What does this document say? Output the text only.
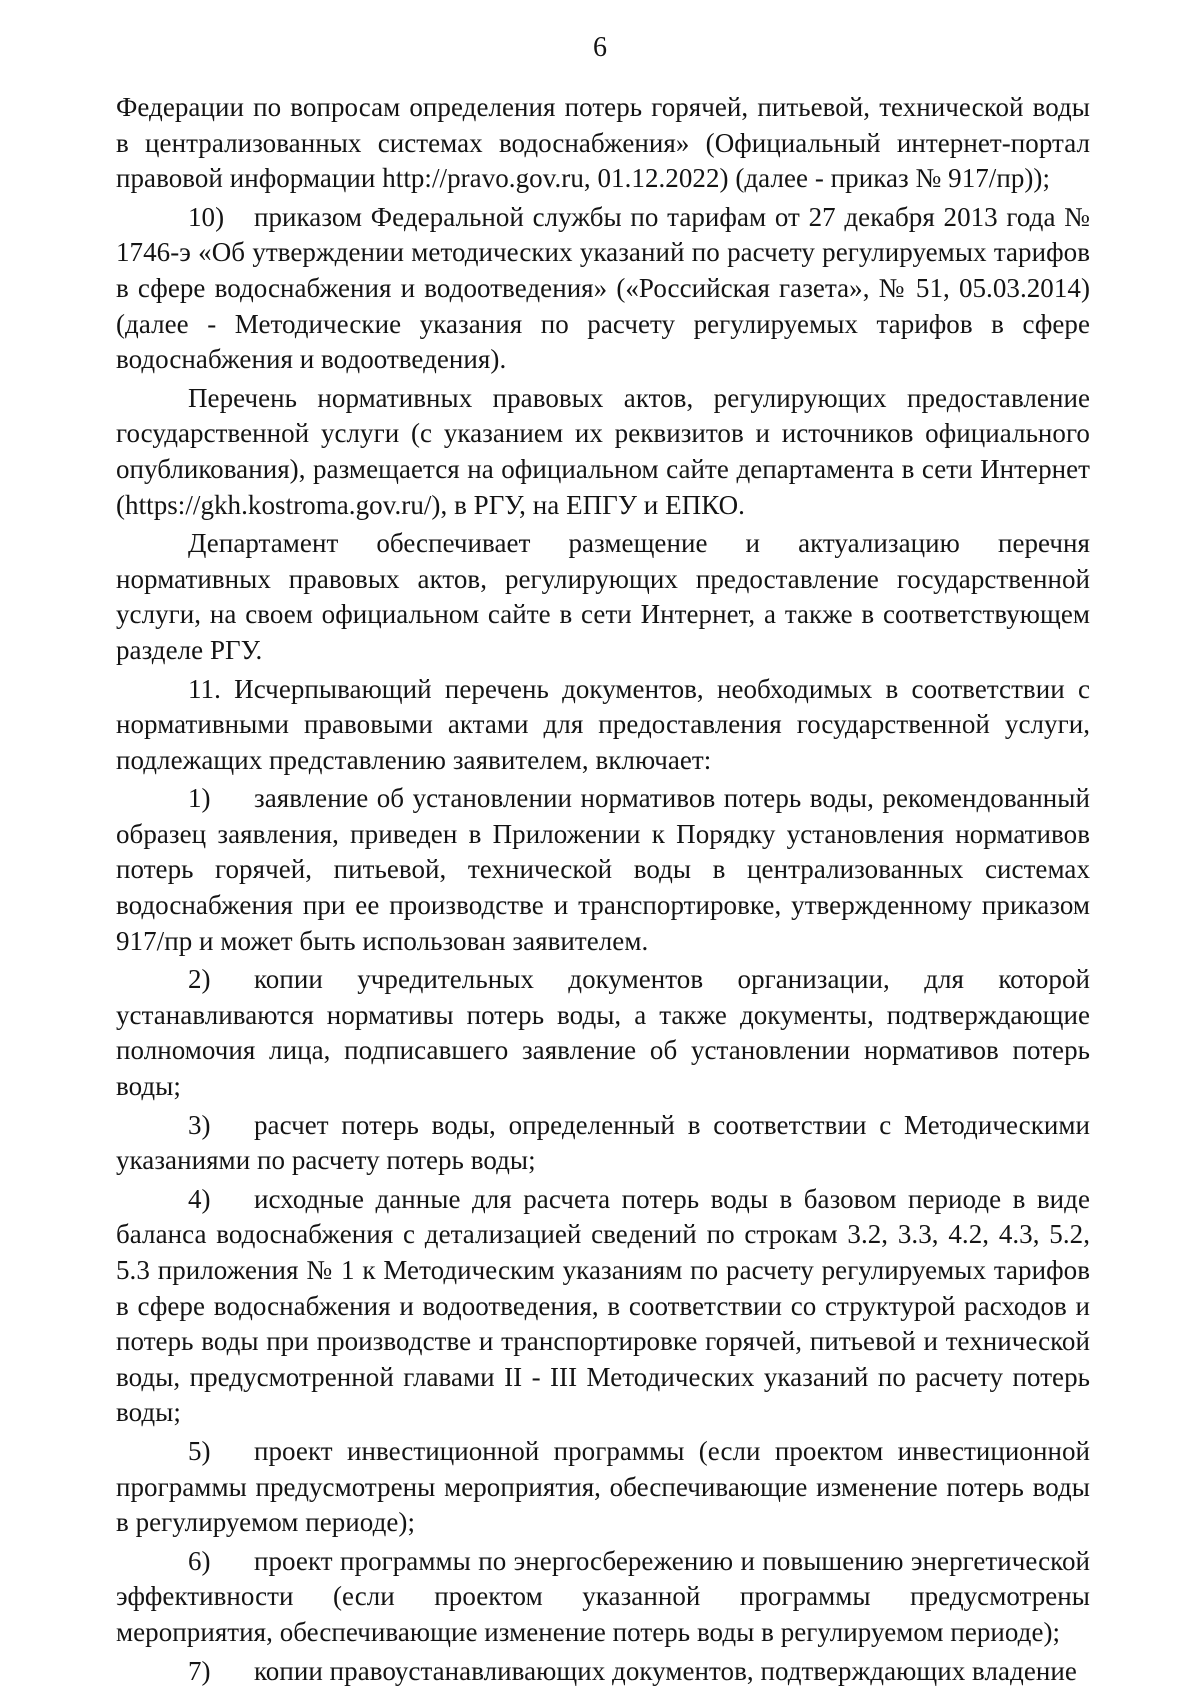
6

Федерации по вопросам определения потерь горячей, питьевой, технической воды в централизованных системах водоснабжения» (Официальный интернет-портал правовой информации http://pravo.gov.ru, 01.12.2022) (далее - приказ № 917/пр));

10) приказом Федеральной службы по тарифам от 27 декабря 2013 года № 1746-э «Об утверждении методических указаний по расчету регулируемых тарифов в сфере водоснабжения и водоотведения» («Российская газета», № 51, 05.03.2014) (далее - Методические указания по расчету регулируемых тарифов в сфере водоснабжения и водоотведения).

Перечень нормативных правовых актов, регулирующих предоставление государственной услуги (с указанием их реквизитов и источников официального опубликования), размещается на официальном сайте департамента в сети Интернет (https://gkh.kostroma.gov.ru/), в РГУ, на ЕПГУ и ЕПКО.

Департамент обеспечивает размещение и актуализацию перечня нормативных правовых актов, регулирующих предоставление государственной услуги, на своем официальном сайте в сети Интернет, а также в соответствующем разделе РГУ.

11. Исчерпывающий перечень документов, необходимых в соответствии с нормативными правовыми актами для предоставления государственной услуги, подлежащих представлению заявителем, включает:

1) заявление об установлении нормативов потерь воды, рекомендованный образец заявления, приведен в Приложении к Порядку установления нормативов потерь горячей, питьевой, технической воды в централизованных системах водоснабжения при ее производстве и транспортировке, утвержденному приказом 917/пр и может быть использован заявителем.

2) копии учредительных документов организации, для которой устанавливаются нормативы потерь воды, а также документы, подтверждающие полномочия лица, подписавшего заявление об установлении нормативов потерь воды;

3) расчет потерь воды, определенный в соответствии с Методическими указаниями по расчету потерь воды;

4) исходные данные для расчета потерь воды в базовом периоде в виде баланса водоснабжения с детализацией сведений по строкам 3.2, 3.3, 4.2, 4.3, 5.2, 5.3 приложения № 1 к Методическим указаниям по расчету регулируемых тарифов в сфере водоснабжения и водоотведения, в соответствии со структурой расходов и потерь воды при производстве и транспортировке горячей, питьевой и технической воды, предусмотренной главами II - III Методических указаний по расчету потерь воды;

5) проект инвестиционной программы (если проектом инвестиционной программы предусмотрены мероприятия, обеспечивающие изменение потерь воды в регулируемом периоде);

6) проект программы по энергосбережению и повышению энергетической эффективности (если проектом указанной программы предусмотрены мероприятия, обеспечивающие изменение потерь воды в регулируемом периоде);

7) копии правоустанавливающих документов, подтверждающих владение
